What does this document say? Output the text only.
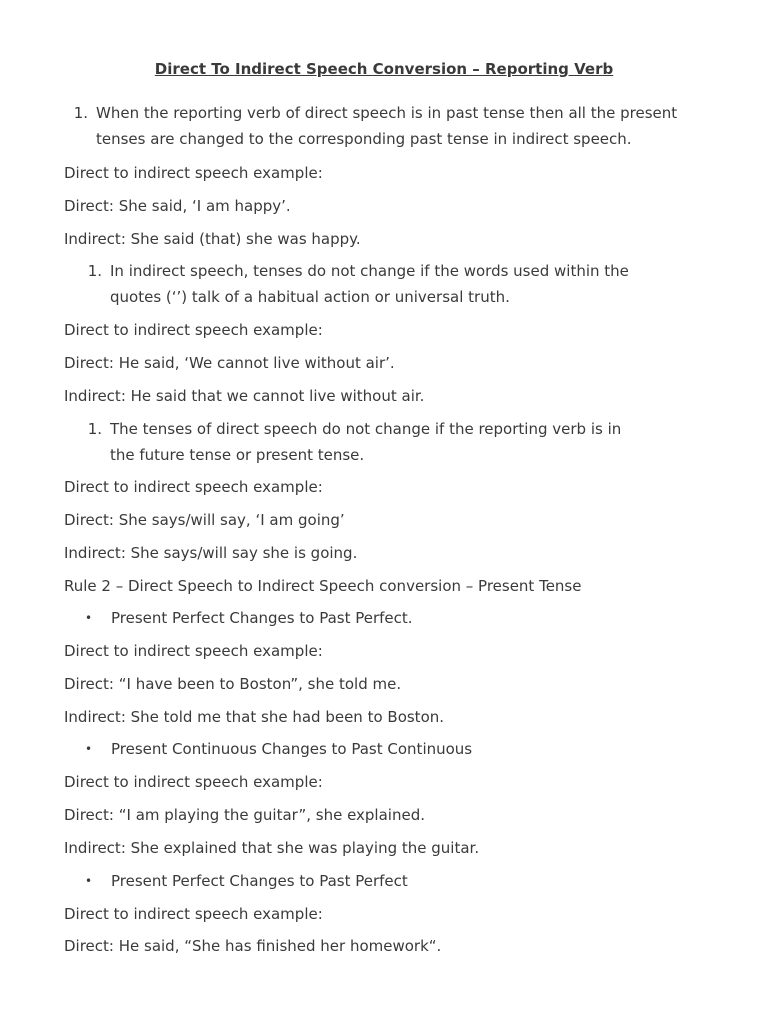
Direct To Indirect Speech Conversion – Reporting Verb
1. When the reporting verb of direct speech is in past tense then all the present
tenses are changed to the corresponding past tense in indirect speech.
Direct to indirect speech example:
Direct: She said, ‘I am happy’.
Indirect: She said (that) she was happy.
1. In indirect speech, tenses do not change if the words used within the
quotes (‘’) talk of a habitual action or universal truth.
Direct to indirect speech example:
Direct: He said, ‘We cannot live without air’.
Indirect: He said that we cannot live without air.
1. The tenses of direct speech do not change if the reporting verb is in
the future tense or present tense.
Direct to indirect speech example:
Direct: She says/will say, ‘I am going’
Indirect: She says/will say she is going.
Rule 2 – Direct Speech to Indirect Speech conversion – Present Tense
• Present Perfect Changes to Past Perfect.
Direct to indirect speech example:
Direct: “I have been to Boston”, she told me.
Indirect: She told me that she had been to Boston.
• Present Continuous Changes to Past Continuous
Direct to indirect speech example:
Direct: “I am playing the guitar”, she explained.
Indirect: She explained that she was playing the guitar.
• Present Perfect Changes to Past Perfect
Direct to indirect speech example:
Direct: He said, “She has finished her homework“.
